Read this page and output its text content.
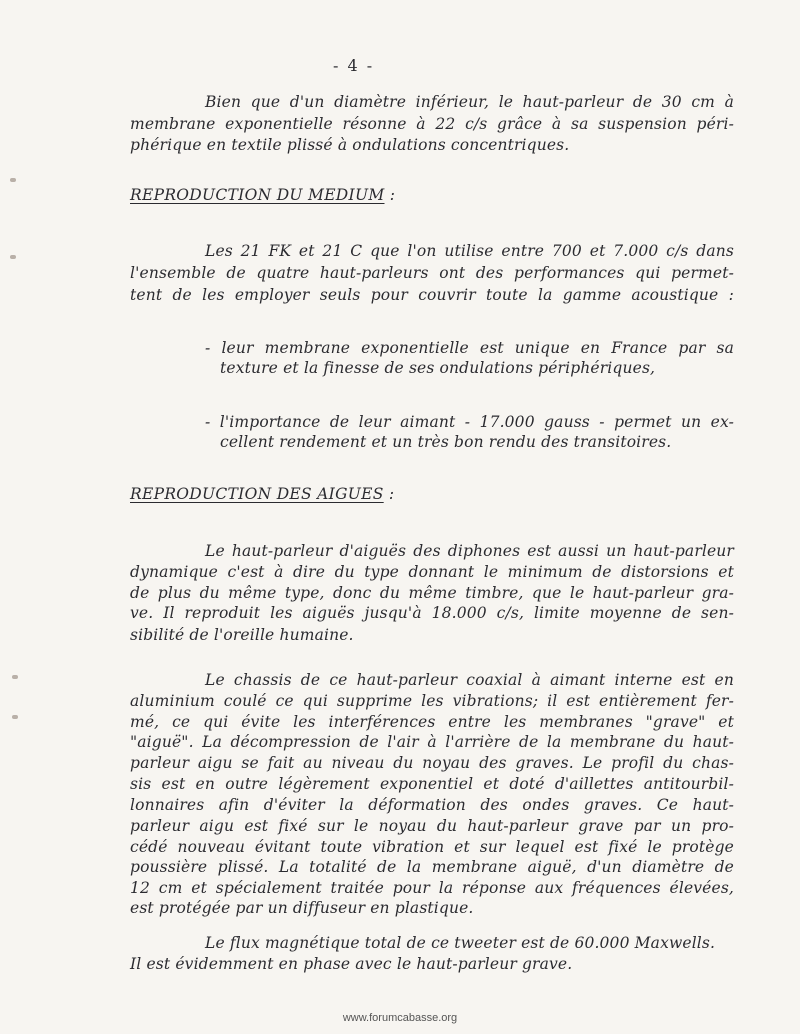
- 4 -
Bien que d'un diamètre inférieur, le haut-parleur de 30 cm à
membrane exponentielle résonne à 22 c/s grâce à sa suspension péri-
phérique en textile plissé à ondulations concentriques.
REPRODUCTION DU MEDIUM :
Les 21 FK et 21 C que l'on utilise entre 700 et 7.000 c/s dans
l'ensemble de quatre haut-parleurs ont des performances qui permet-
tent de les employer seuls pour couvrir toute la gamme acoustique :
- leur membrane exponentielle est unique en France par sa
texture et la finesse de ses ondulations périphériques,
- l'importance de leur aimant - 17.000 gauss - permet un ex-
cellent rendement et un très bon rendu des transitoires.
REPRODUCTION DES AIGUES :
Le haut-parleur d'aiguës des diphones est aussi un haut-parleur
dynamique c'est à dire du type donnant le minimum de distorsions et
de plus du même type, donc du même timbre, que le haut-parleur gra-
ve. Il reproduit les aiguës jusqu'à 18.000 c/s, limite moyenne de sen-
sibilité de l'oreille humaine.
Le chassis de ce haut-parleur coaxial à aimant interne est en
aluminium coulé ce qui supprime les vibrations; il est entièrement fer-
mé, ce qui évite les interférences entre les membranes "grave" et
"aiguë". La décompression de l'air à l'arrière de la membrane du haut-
parleur aigu se fait au niveau du noyau des graves. Le profil du chas-
sis est en outre légèrement exponentiel et doté d'aillettes antitourbil-
lonnaires afin d'éviter la déformation des ondes graves. Ce haut-
parleur aigu est fixé sur le noyau du haut-parleur grave par un pro-
cédé nouveau évitant toute vibration et sur lequel est fixé le protège
poussière plissé. La totalité de la membrane aiguë, d'un diamètre de
12 cm et spécialement traitée pour la réponse aux fréquences élevées,
est protégée par un diffuseur en plastique.
Le flux magnétique total de ce tweeter est de 60.000 Maxwells.
Il est évidemment en phase avec le haut-parleur grave.
www.forumcabasse.org
